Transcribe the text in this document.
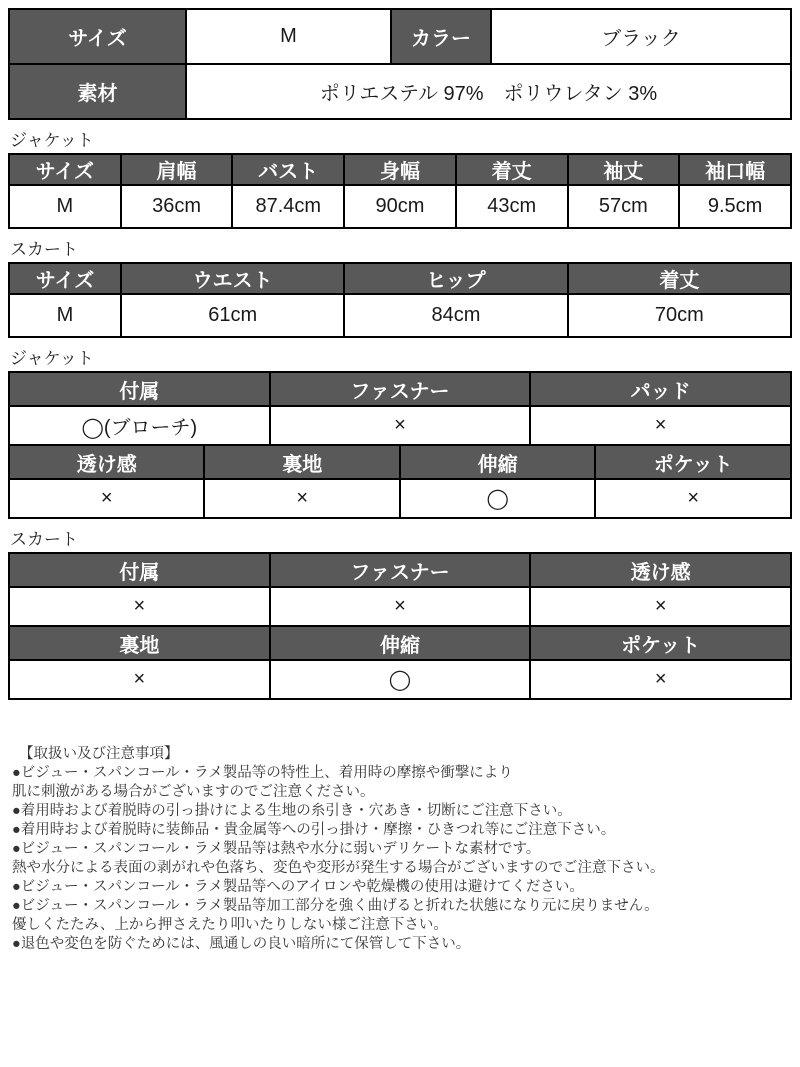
サイズ	M	カラー	ブラック
素材	ポリエステル 97%　ポリウレタン 3%		
ジャケット
サイズ	肩幅	バスト	身幅	着丈	袖丈	袖口幅
M	36cm	87.4cm	90cm	43cm	57cm	9.5cm
スカート
サイズ	ウエスト	ヒップ	着丈
M	61cm	84cm	70cm
ジャケット
付属		ファスナー		パッド	
◯(ブローチ)		×		×	
透け感	裏地		伸縮		ポケット
×	×		◯		×
スカート
付属	ファスナー	透け感
×	×	×
裏地	伸縮	ポケット
×	◯	×
【取扱い及び注意事項】
●ビジュー・スパンコール・ラメ製品等の特性上、着用時の摩擦や衝撃により
肌に刺激がある場合がございますのでご注意ください。
●着用時および着脱時の引っ掛けによる生地の糸引き・穴あき・切断にご注意下さい。
●着用時および着脱時に装飾品・貴金属等への引っ掛け・摩擦・ひきつれ等にご注意下さい。
●ビジュー・スパンコール・ラメ製品等は熱や水分に弱いデリケートな素材です。
熱や水分による表面の剥がれや色落ち、変色や変形が発生する場合がございますのでご注意下さい。
●ビジュー・スパンコール・ラメ製品等へのアイロンや乾燥機の使用は避けてください。
●ビジュー・スパンコール・ラメ製品等加工部分を強く曲げると折れた状態になり元に戻りません。
優しくたたみ、上から押さえたり叩いたりしない様ご注意下さい。
●退色や変色を防ぐためには、風通しの良い暗所にて保管して下さい。
